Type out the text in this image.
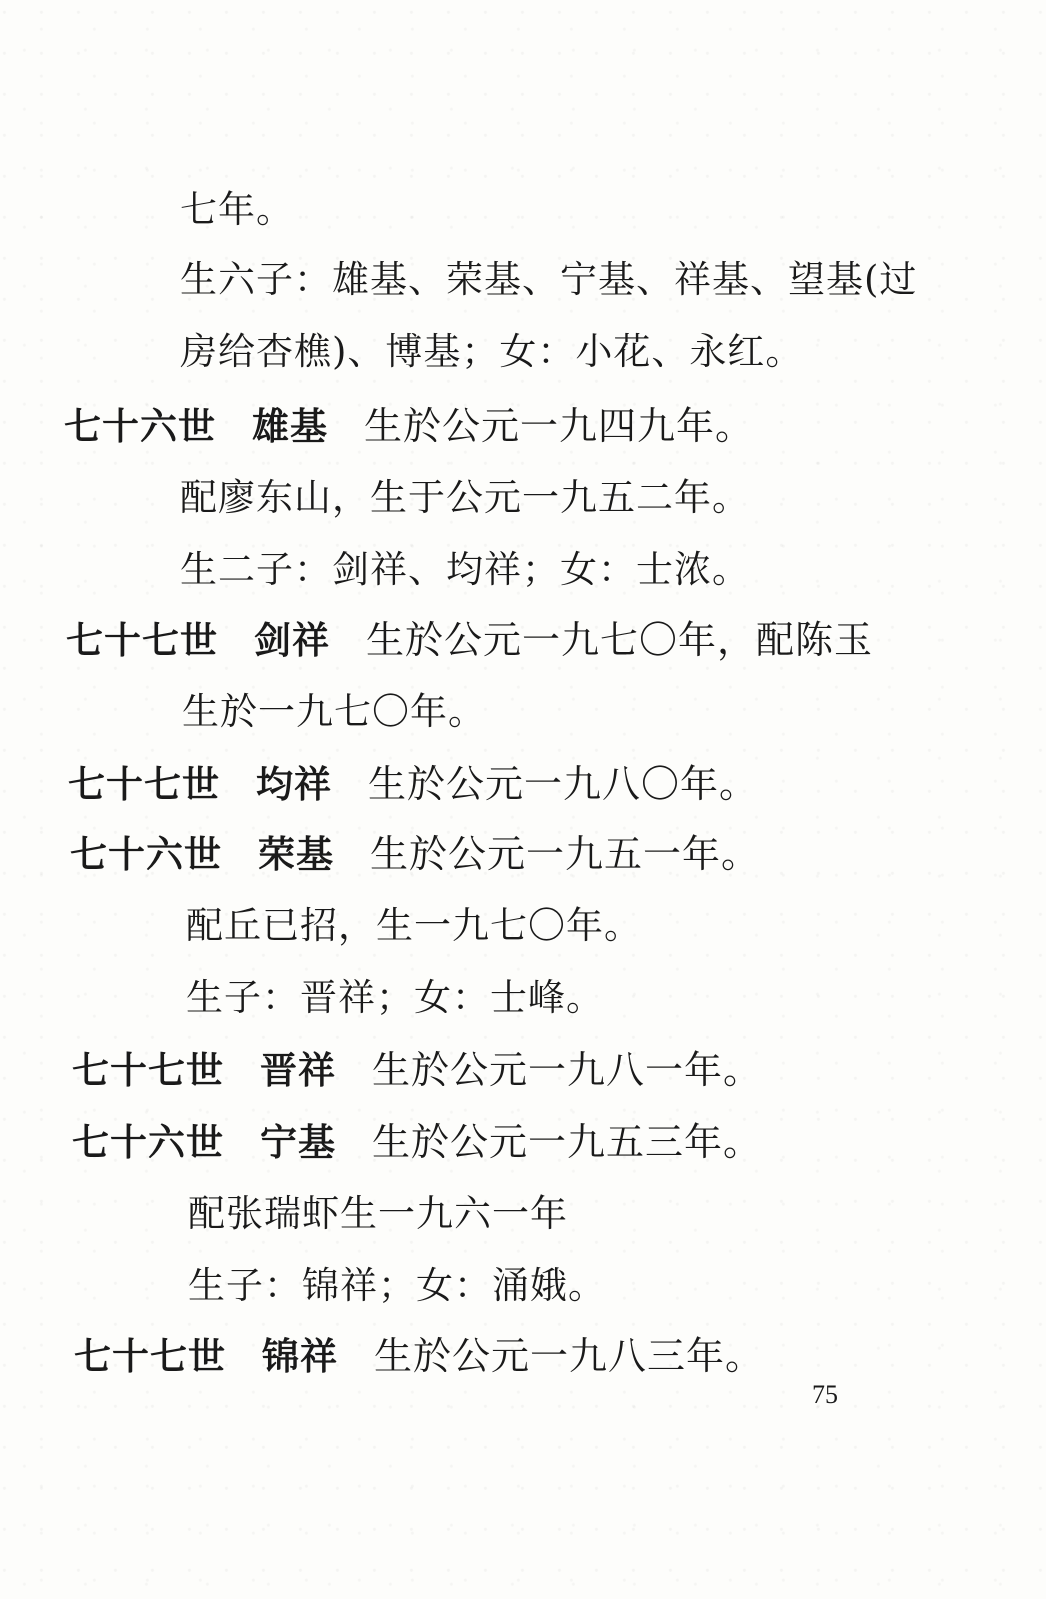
七年。
生六子：雄基、荣基、宁基、祥基、望基(过
房给杏樵)、博基；女：小花、永红。
七十六世 雄基 生於公元一九四九年。
配廖东山，生于公元一九五二年。
生二子：剑祥、均祥；女：士浓。
七十七世 剑祥 生於公元一九七〇年，配陈玉
生於一九七〇年。
七十七世 均祥 生於公元一九八〇年。
七十六世 荣基 生於公元一九五一年。
配丘已招，生一九七〇年。
生子：晋祥；女：士峰。
七十七世 晋祥 生於公元一九八一年。
七十六世 宁基 生於公元一九五三年。
配张瑞虾生一九六一年
生子：锦祥；女：涌娥。
七十七世 锦祥 生於公元一九八三年。
75
